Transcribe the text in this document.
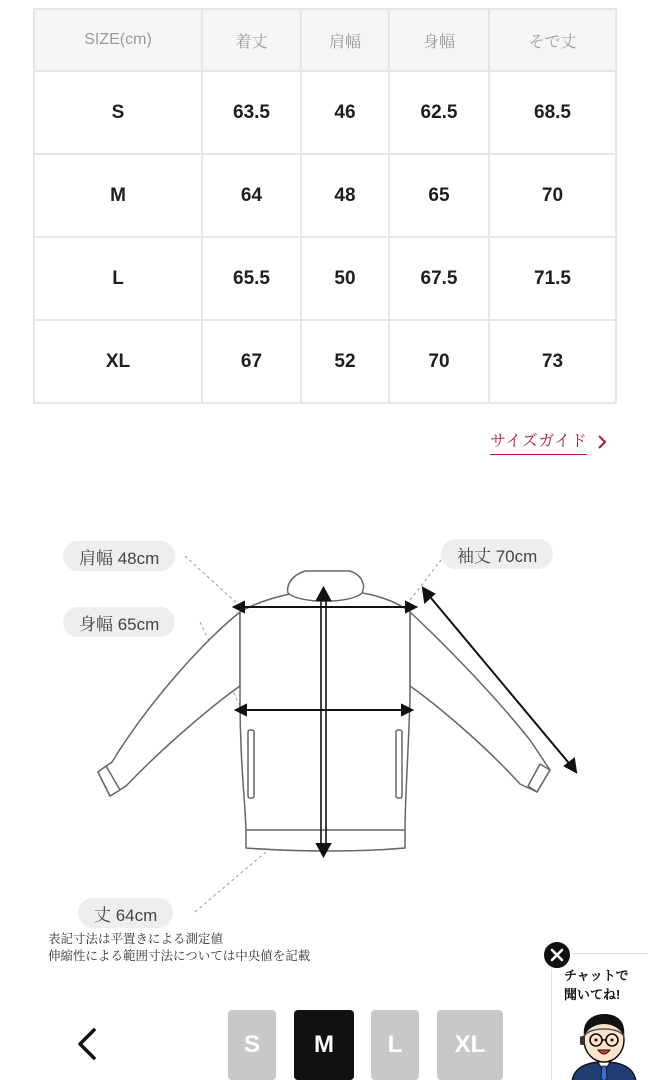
SIZE(cm)	着丈	肩幅	身幅	そで丈
S	63.5	46	62.5	68.5
M	64	48	65	70
L	65.5	50	67.5	71.5
XL	67	52	70	73
サイズガイド
肩幅 48cm
身幅 65cm
袖丈 70cm
丈 64cm
表記寸法は平置きによる測定値
伸縮性による範囲寸法については中央値を記載
S	M	L	XL
チャットで
聞いてね!
